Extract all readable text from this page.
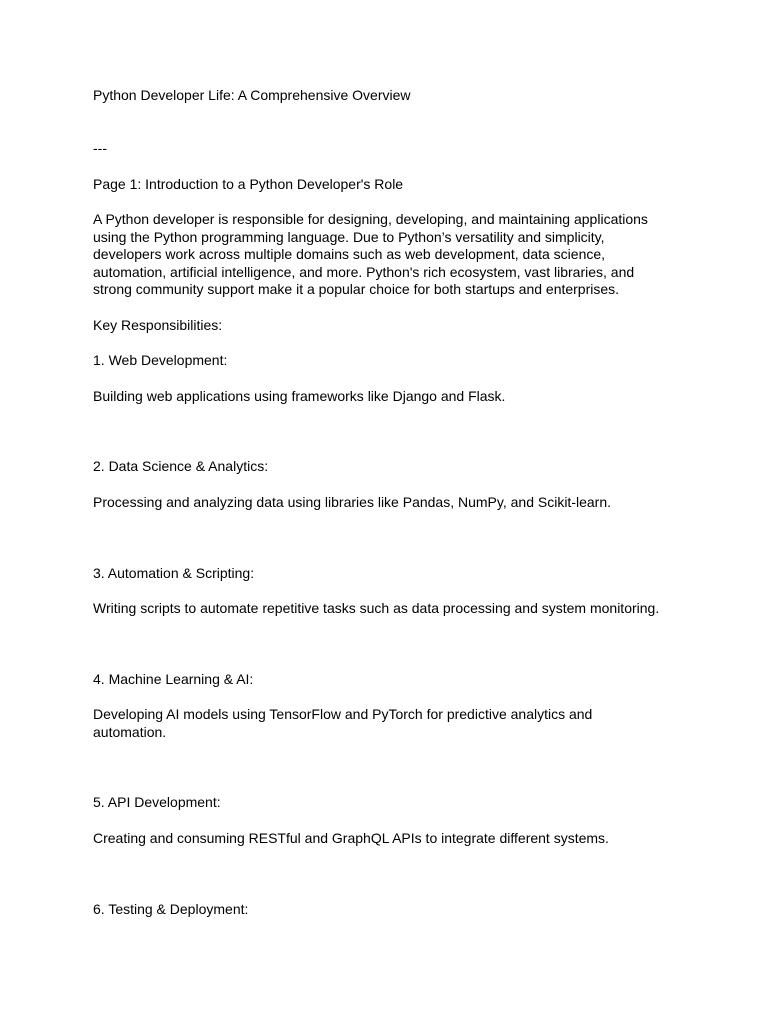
Python Developer Life: A Comprehensive Overview

---

Page 1: Introduction to a Python Developer's Role

A Python developer is responsible for designing, developing, and maintaining applications
using the Python programming language. Due to Python’s versatility and simplicity,
developers work across multiple domains such as web development, data science,
automation, artificial intelligence, and more. Python's rich ecosystem, vast libraries, and
strong community support make it a popular choice for both startups and enterprises.

Key Responsibilities:

1. Web Development:

Building web applications using frameworks like Django and Flask.

2. Data Science & Analytics:

Processing and analyzing data using libraries like Pandas, NumPy, and Scikit-learn.

3. Automation & Scripting:

Writing scripts to automate repetitive tasks such as data processing and system monitoring.

4. Machine Learning & AI:

Developing AI models using TensorFlow and PyTorch for predictive analytics and
automation.

5. API Development:

Creating and consuming RESTful and GraphQL APIs to integrate different systems.

6. Testing & Deployment:
